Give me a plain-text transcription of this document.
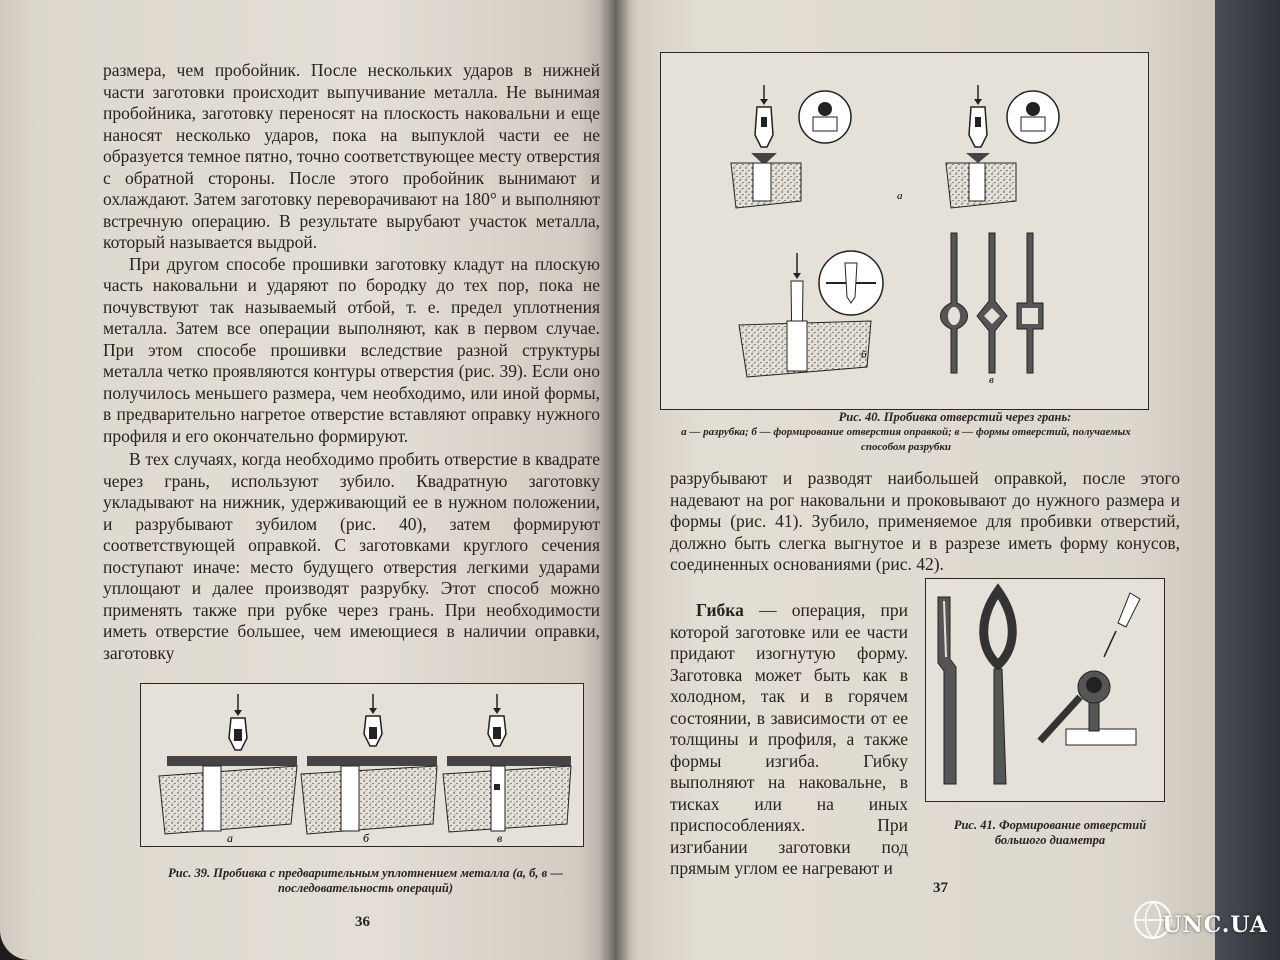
размера, чем пробойник. После нескольких ударов в нижней части заготовки происходит выпучивание металла. Не вынимая пробойника, заготовку переносят на плоскость наковальни и еще наносят несколько ударов, пока на выпуклой части ее не образуется темное пятно, точно соответствующее месту отверстия с обратной стороны. После этого пробойник вынимают и охлаждают. Затем заготовку переворачивают на 180° и выполняют встречную операцию. В результате вырубают участок металла, который называется выдрой.

При другом способе прошивки заготовку кладут на плоскую часть наковальни и ударяют по бородку до тех пор, пока не почувствуют так называемый отбой, т. е. предел уплотнения металла. Затем все операции выполняют, как в первом случае. При этом способе прошивки вследствие разной структуры металла четко проявляются контуры отверстия (рис. 39). Если оно получилось меньшего размера, чем необходимо, или иной формы, в предварительно нагретое отверстие вставляют оправку нужного профиля и его окончательно формируют.

В тех случаях, когда необходимо пробить отверстие в квадрате через грань, используют зубило. Квадратную заготовку укладывают на нижник, удерживающий ее в нужном положении, и разрубывают зубилом (рис. 40), затем формируют соответствующей оправкой. С заготовками круглого сечения поступают иначе: место будущего отверстия легкими ударами уплощают и далее производят разрубку. Этот способ можно применять также при рубке через грань. При необходимости иметь отверстие большее, чем имеющиеся в наличии оправки, заготовку

а	б	в
Рис. 39. Пробивка с предварительным уплотнением металла (а, б, в — последовательность операций)
36
а
б
в
Рис. 40. Пробивка отверстий через грань:
а — разрубка; б — формирование отверстия оправкой; в — формы отверстий, получаемых способом разрубки
разрубывают и разводят наибольшей оправкой, после этого надевают на рог наковальни и проковывают до нужного размера и формы (рис. 41). Зубило, применяемое для пробивки отверстий, должно быть слегка выгнутое и в разрезе иметь форму конусов, соединенных основаниями (рис. 42).

Гибка — операция, при которой заготовке или ее части придают изогнутую форму. Заготовка может быть как в холодном, так и в горячем состоянии, в зависимости от ее толщины и профиля, а также формы изгиба. Гибку выполняют на наковальне, в тисках или на иных приспособлениях. При изгибании заготовки под прямым углом ее нагревают и

Рис. 41. Формирование отверстий большого диаметра
37
UNC.UA
